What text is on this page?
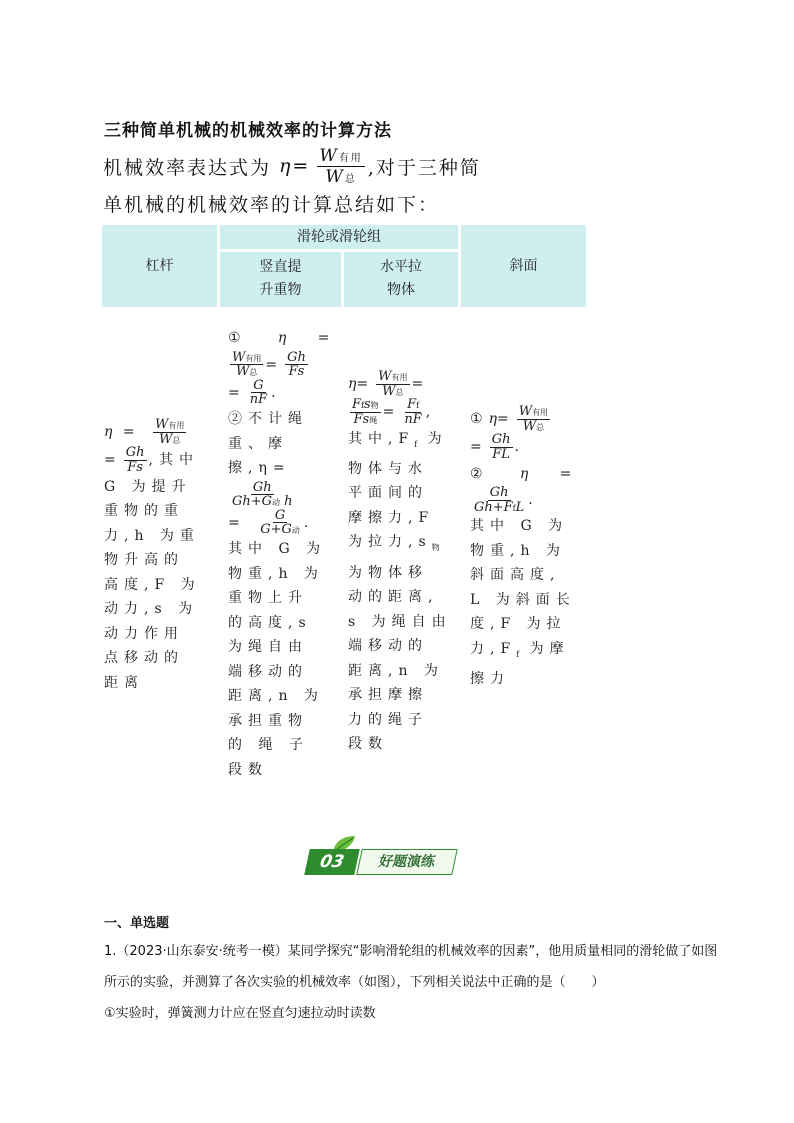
三种简单机械的机械效率的计算方法
机械效率表达式为 $\eta= \frac{\text{W有用}}{\text{W总}}$ ,对于三种简
单机械的机械效率的计算总结如下：
杠杆
滑轮或滑轮组
竖直提
升重物
水平拉
物体
斜面
η = W有用
W总
= $\frac{Gh}{Fs}$ ,其中
G 为提升
重物的重
力,h 为重
物升高的
高度,F 为
动力,s 为
动力作用
点移动的
距离
①   η   =
W有用
W总 = $\frac{Gh}{Fs}$
= $\frac{G}{nF}$ .
②不计绳
重、摩擦,η=
Gh
Gh+G动 h
= G
G+G动 .
其中 G 为
物重,h 为
重物上升
的高度,s
为绳自由
端移动的
距离,n 为
承担重物
的 绳 子
段数
η= W有用
W总 =
Ffs物
Fs绳 = $\frac{Ff}{nF}$ ,
其中$,F_f$ 为
物体与水
平面间的
摩擦力,F
为拉力$,s_物$
为物体移
动的距离,
s 为绳自由
端移动的
距离,n 为
承担摩擦
力的绳子
段数
①η= W有用
W总
= $\frac{Gh}{FL}$ .
②   η   =
Gh
Gh+FfL .
其中 G 为
物重,h 为
斜面高度,
L 为斜面长
度,F 为拉
力$,F_f$ 为摩
擦力
03	好题演练
一、单选题
1.（2023·山东泰安·统考一模）某同学探究“影响滑轮组的机械效率的因素”，他用质量相同的滑轮做了如图
所示的实验，并测算了各次实验的机械效率（如图），下列相关说法中正确的是（　　）
①实验时，弹簧测力计应在竖直匀速拉动时读数
